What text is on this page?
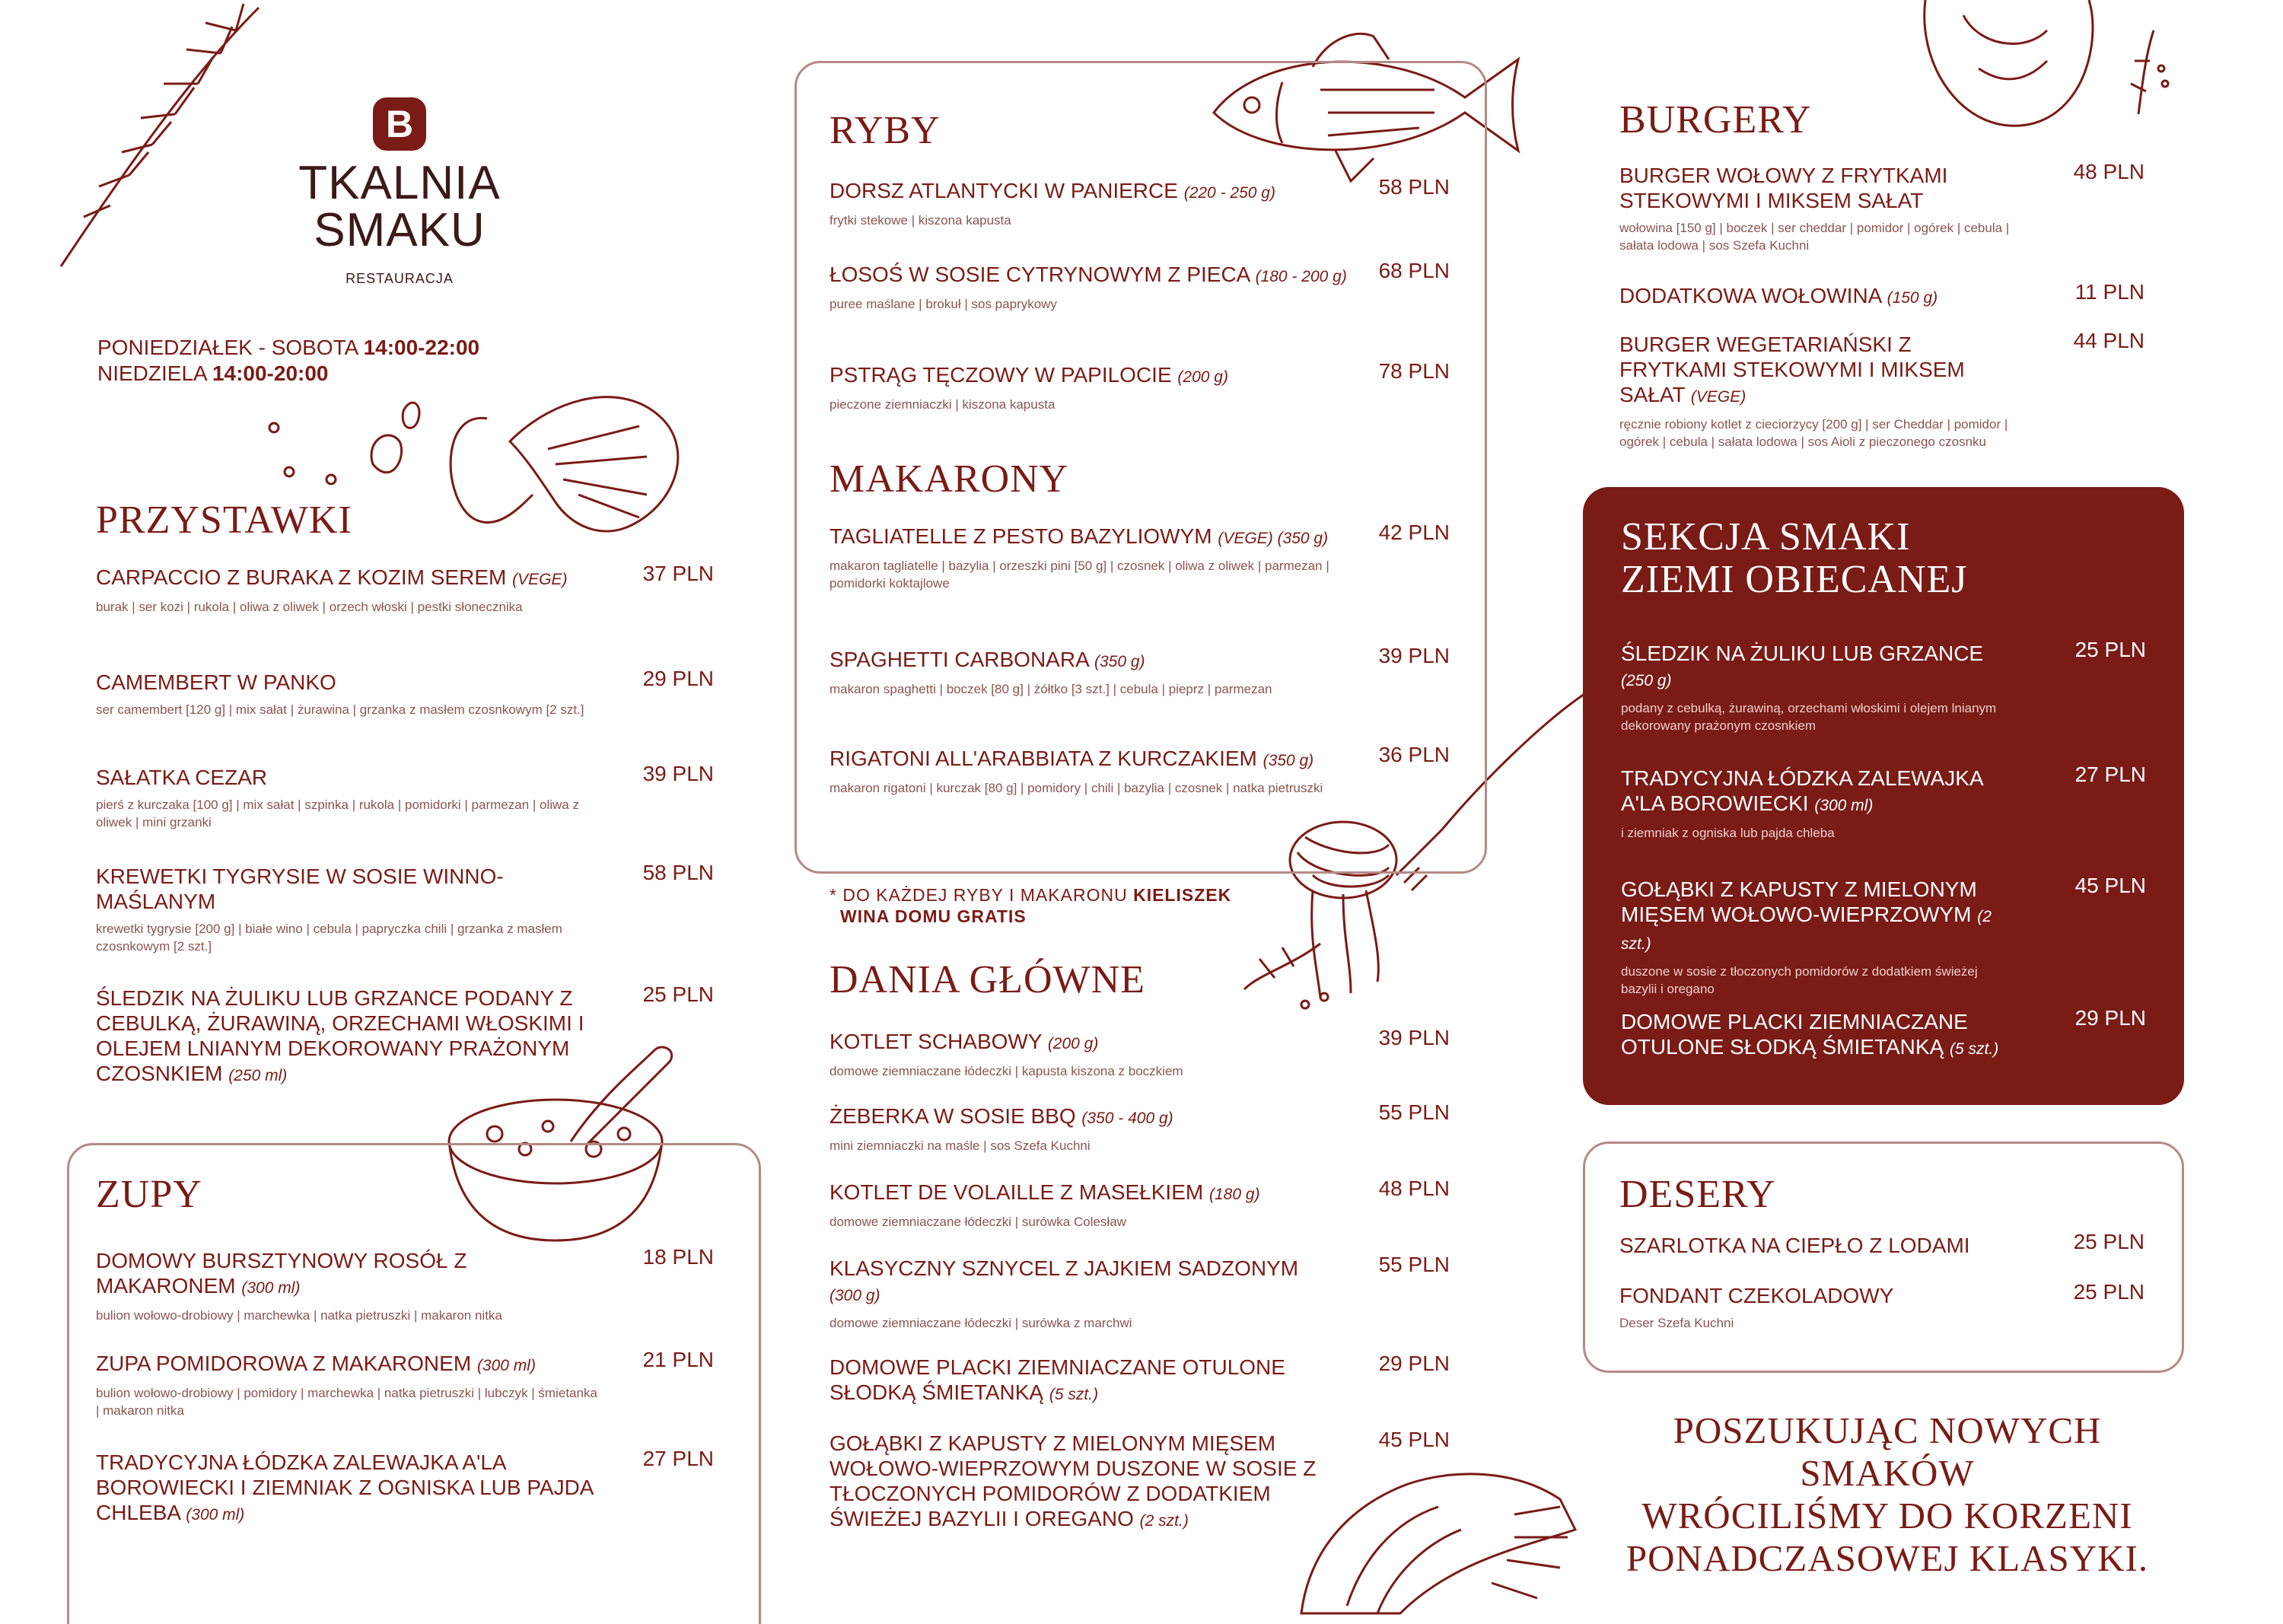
B
TKALNIA
SMAKU
RESTAURACJA
PONIEDZIAŁEK - SOBOTA 14:00-22:00
NIEDZIELA 14:00-20:00
PRZYSTAWKI
CARPACCIO Z BURAKA Z KOZIM SEREM (VEGE)
burak | ser kozi | rukola | oliwa z oliwek | orzech włoski | pestki słonecznika
37 PLN
CAMEMBERT W PANKO
ser camembert [120 g] | mix sałat | żurawina | grzanka z masłem czosnkowym [2 szt.]
29 PLN
SAŁATKA CEZAR
pierś z kurczaka [100 g] | mix sałat | szpinka | rukola | pomidorki | parmezan | oliwa z oliwek | mini grzanki
39 PLN
KREWETKI TYGRYSIE W SOSIE WINNO-MAŚLANYM
krewetki tygrysie [200 g] | białe wino | cebula | papryczka chili | grzanka z masłem czosnkowym [2 szt.]
58 PLN
ŚLEDZIK NA ŻULIKU LUB GRZANCE PODANY Z CEBULKĄ, ŻURAWINĄ, ORZECHAMI WŁOSKIMI I OLEJEM LNIANYM DEKOROWANY PRAŻONYM CZOSNKIEM (250 ml)
25 PLN
ZUPY
DOMOWY BURSZTYNOWY ROSÓŁ Z MAKARONEM (300 ml)
bulion wołowo-drobiowy | marchewka | natka pietruszki | makaron nitka
18 PLN
ZUPA POMIDOROWA Z MAKARONEM (300 ml)
bulion wołowo-drobiowy | pomidory | marchewka | natka pietruszki | lubczyk | śmietanka | makaron nitka
21 PLN
TRADYCYJNA ŁÓDZKA ZALEWAJKA A'LA BOROWIECKI I ZIEMNIAK Z OGNISKA LUB PAJDA CHLEBA (300 ml)
27 PLN
RYBY
DORSZ ATLANTYCKI W PANIERCE (220 - 250 g)
frytki stekowe | kiszona kapusta
58 PLN
ŁOSOŚ W SOSIE CYTRYNOWYM Z PIECA (180 - 200 g)
puree maślane | brokuł | sos paprykowy
68 PLN
PSTRĄG TĘCZOWY W PAPILOCIE (200 g)
pieczone ziemniaczki | kiszona kapusta
78 PLN
MAKARONY
TAGLIATELLE Z PESTO BAZYLIOWYM (VEGE) (350 g)
makaron tagliatelle | bazylia | orzeszki pini [50 g] | czosnek | oliwa z oliwek | parmezan | pomidorki koktajlowe
42 PLN
SPAGHETTI CARBONARA (350 g)
makaron spaghetti | boczek [80 g] | żółtko [3 szt.] | cebula | pieprz | parmezan
39 PLN
RIGATONI ALL'ARABBIATA Z KURCZAKIEM (350 g)
makaron rigatoni | kurczak [80 g] | pomidory | chili | bazylia | czosnek | natka pietruszki
36 PLN
* DO KAŻDEJ RYBY I MAKARONU KIELISZEK
WINA DOMU GRATIS
DANIA GŁÓWNE
KOTLET SCHABOWY (200 g)
domowe ziemniaczane łódeczki | kapusta kiszona z boczkiem
39 PLN
ŻEBERKA W SOSIE BBQ (350 - 400 g)
mini ziemniaczki na maśle | sos Szefa Kuchni
55 PLN
KOTLET DE VOLAILLE Z MASEŁKIEM (180 g)
domowe ziemniaczane łódeczki | surówka Colesław
48 PLN
KLASYCZNY SZNYCEL Z JAJKIEM SADZONYM (300 g)
domowe ziemniaczane łódeczki | surówka z marchwi
55 PLN
DOMOWE PLACKI ZIEMNIACZANE OTULONE SŁODKĄ ŚMIETANKĄ (5 szt.)
29 PLN
GOŁĄBKI Z KAPUSTY Z MIELONYM MIĘSEM WOŁOWO-WIEPRZOWYM DUSZONE W SOSIE Z TŁOCZONYCH POMIDORÓW Z DODATKIEM ŚWIEŻEJ BAZYLII I OREGANO (2 szt.)
45 PLN
BURGERY
BURGER WOŁOWY Z FRYTKAMI STEKOWYMI I MIKSEM SAŁAT
wołowina [150 g] | boczek | ser cheddar | pomidor | ogórek | cebula | sałata lodowa | sos Szefa Kuchni
48 PLN
DODATKOWA WOŁOWINA (150 g)	11 PLN
BURGER WEGETARIAŃSKI Z FRYTKAMI STEKOWYMI I MIKSEM SAŁAT (VEGE)
ręcznie robiony kotlet z cieciorzycy [200 g] | ser Cheddar | pomidor | ogórek | cebula | sałata lodowa | sos Aioli z pieczonego czosnku
44 PLN
SEKCJA SMAKI
ZIEMI OBIECANEJ
ŚLEDZIK NA ŻULIKU LUB GRZANCE (250 g)
podany z cebulką, żurawiną, orzechami włoskimi i olejem lnianym dekorowany prażonym czosnkiem
25 PLN
TRADYCYJNA ŁÓDZKA ZALEWAJKA A'LA BOROWIECKI (300 ml)
i ziemniak z ogniska lub pajda chleba
27 PLN
GOŁĄBKI Z KAPUSTY Z MIELONYM MIĘSEM WOŁOWO-WIEPRZOWYM (2 szt.)
duszone w sosie z tłoczonych pomidorów z dodatkiem świeżej bazylii i oregano
45 PLN
DOMOWE PLACKI ZIEMNIACZANE OTULONE SŁODKĄ ŚMIETANKĄ (5 szt.)
29 PLN
DESERY
SZARLOTKA NA CIEPŁO Z LODAMI	25 PLN
FONDANT CZEKOLADOWY
Deser Szefa Kuchni
25 PLN
POSZUKUJĄC NOWYCH SMAKÓW
WRÓCILIŚMY DO KORZENI
PONADCZASOWEJ KLASYKI.
